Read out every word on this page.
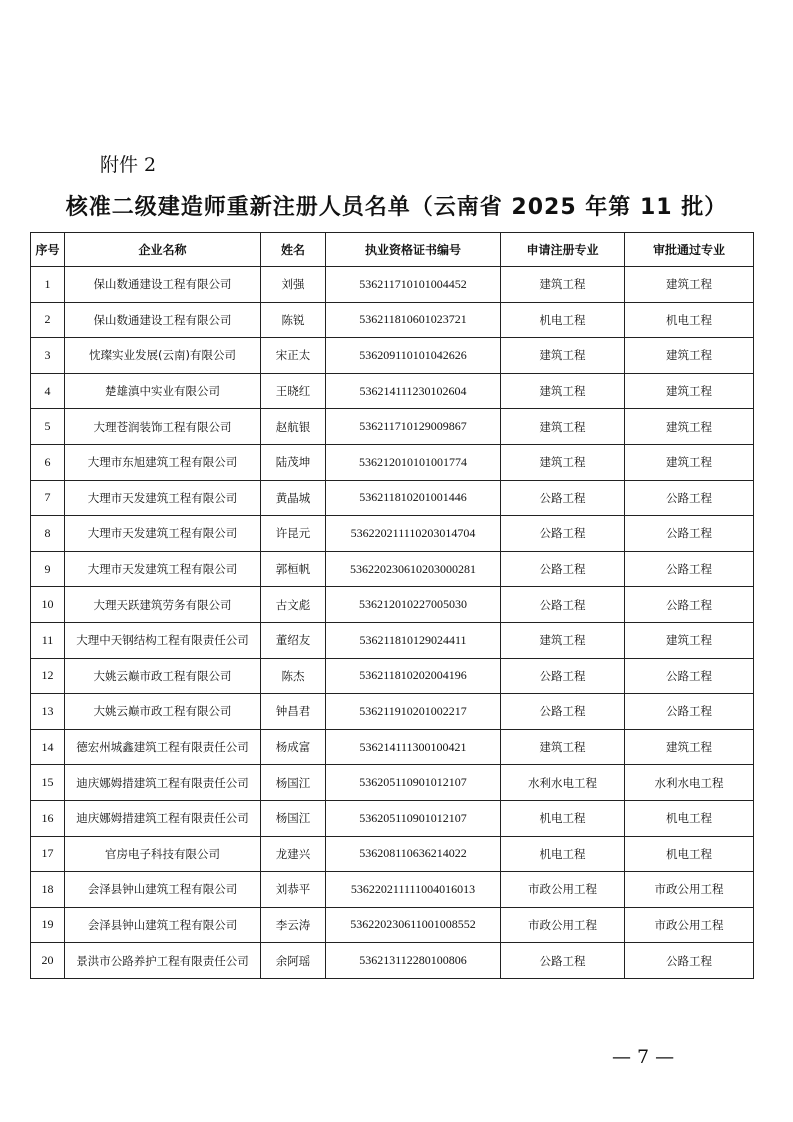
附件 2
核准二级建造师重新注册人员名单（云南省 2025 年第 11 批）
序号	企业名称	姓名	执业资格证书编号	申请注册专业	审批通过专业
1	保山数通建设工程有限公司	刘强	536211710101004452	建筑工程	建筑工程
2	保山数通建设工程有限公司	陈锐	536211810601023721	机电工程	机电工程
3	忱璨实业发展(云南)有限公司	宋正太	536209110101042626	建筑工程	建筑工程
4	楚雄滇中实业有限公司	王晓红	536214111230102604	建筑工程	建筑工程
5	大理苍润装饰工程有限公司	赵航银	536211710129009867	建筑工程	建筑工程
6	大理市东旭建筑工程有限公司	陆茂坤	536212010101001774	建筑工程	建筑工程
7	大理市天发建筑工程有限公司	黄晶城	536211810201001446	公路工程	公路工程
8	大理市天发建筑工程有限公司	许昆元	53622021111020301470​4	公路工程	公路工程
9	大理市天发建筑工程有限公司	郭桓帆	536220230610203000281	公路工程	公路工程
10	大理天跃建筑劳务有限公司	古文彪	536212010227005030	公路工程	公路工程
11	大理中天钢结构工程有限责任公司	董绍友	536211810129024411	建筑工程	建筑工程
12	大姚云巅市政工程有限公司	陈杰	536211810202004196	公路工程	公路工程
13	大姚云巅市政工程有限公司	钟昌君	536211910201002217	公路工程	公路工程
14	德宏州城鑫建筑工程有限责任公司	杨成富	536214111300100421	建筑工程	建筑工程
15	迪庆娜姆措建筑工程有限责任公司	杨国江	536205110901012107	水利水电工程	水利水电工程
16	迪庆娜姆措建筑工程有限责任公司	杨国江	536205110901012107	机电工程	机电工程
17	官房电子科技有限公司	龙建兴	536208110636214022	机电工程	机电工程
18	会泽县钟山建筑工程有限公司	刘恭平	536220211111004016013	市政公用工程	市政公用工程
19	会泽县钟山建筑工程有限公司	李云涛	536220230611001008552	市政公用工程	市政公用工程
20	景洪市公路养护工程有限责任公司	余阿瑶	536213112280100806	公路工程	公路工程
— 7 —
